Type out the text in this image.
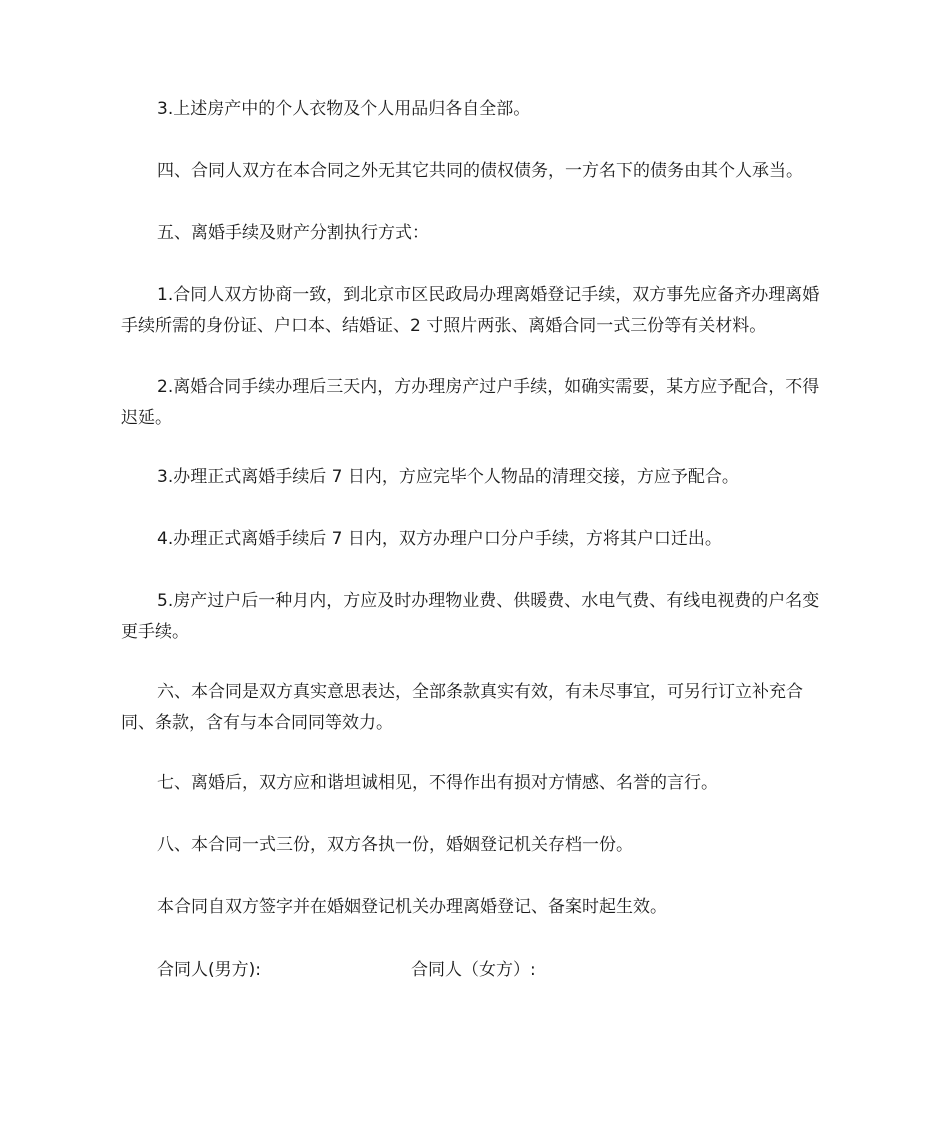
3.上述房产中的个人衣物及个人用品归各自全部。

四、合同人双方在本合同之外无其它共同的债权债务，一方名下的债务由其个人承当。

五、离婚手续及财产分割执行方式：

1.合同人双方协商一致，到北京市区民政局办理离婚登记手续，双方事先应备齐办理离婚手续所需的身份证、户口本、结婚证、2 寸照片两张、离婚合同一式三份等有关材料。

2.离婚合同手续办理后三天内，方办理房产过户手续，如确实需要，某方应予配合，不得迟延。

3.办理正式离婚手续后 7 日内，方应完毕个人物品的清理交接，方应予配合。

4.办理正式离婚手续后 7 日内，双方办理户口分户手续，方将其户口迁出。

5.房产过户后一种月内，方应及时办理物业费、供暖费、水电气费、有线电视费的户名变更手续。

六、本合同是双方真实意思表达，全部条款真实有效，有未尽事宜，可另行订立补充合同、条款，含有与本合同同等效力。

七、离婚后，双方应和谐坦诚相见，不得作出有损对方情感、名誉的言行。

八、本合同一式三份，双方各执一份，婚姻登记机关存档一份。

本合同自双方签字并在婚姻登记机关办理离婚登记、备案时起生效。

合同人(男方):	合同人（女方）:
